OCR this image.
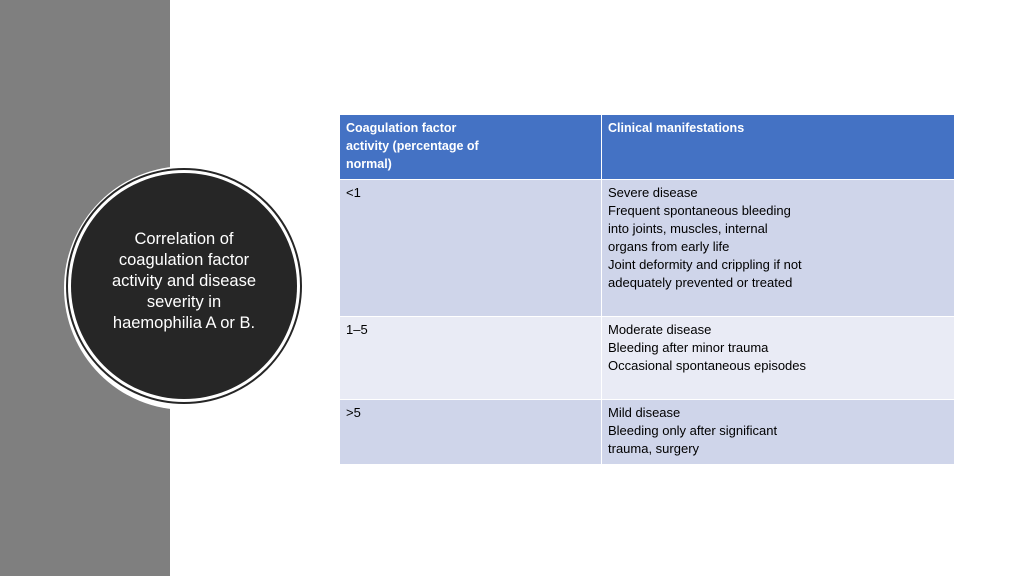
Correlation of coagulation factor activity and disease severity in haemophilia A or B.
Coagulation factor activity (percentage of normal)	Clinical manifestations
<1	Severe disease
Frequent spontaneous bleeding into joints, muscles, internal organs from early life
Joint deformity and crippling if not adequately prevented or treated

1–5	Moderate disease
Bleeding after minor trauma
Occasional spontaneous episodes

>5	Mild disease
Bleeding only after significant trauma, surgery
